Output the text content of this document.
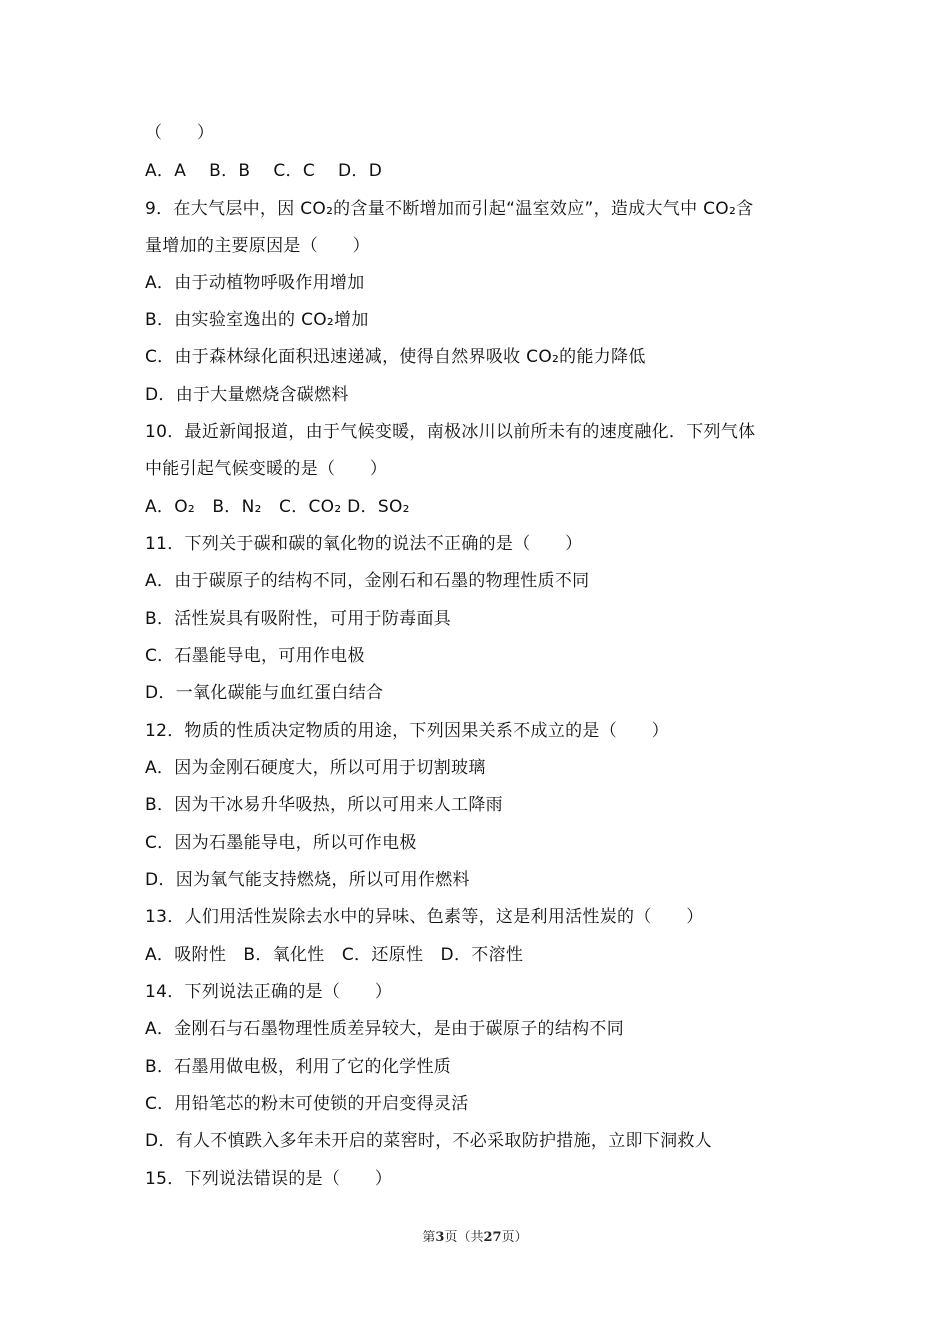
（　　）
A．A　 B．B　 C．C　 D．D
9．在大气层中，因 CO₂的含量不断增加而引起“温室效应”，造成大气中 CO₂含
量增加的主要原因是（　　）
A．由于动植物呼吸作用增加
B．由实验室逸出的 CO₂增加
C．由于森林绿化面积迅速递减，使得自然界吸收 CO₂的能力降低
D．由于大量燃烧含碳燃料
10．最近新闻报道，由于气候变暖，南极冰川以前所未有的速度融化．下列气体
中能引起气候变暖的是（　　）
A．O₂　B．N₂　C．CO₂ D．SO₂
11．下列关于碳和碳的氧化物的说法不正确的是（　　）
A．由于碳原子的结构不同，金刚石和石墨的物理性质不同
B．活性炭具有吸附性，可用于防毒面具
C．石墨能导电，可用作电极
D．一氧化碳能与血红蛋白结合
12．物质的性质决定物质的用途，下列因果关系不成立的是（　　）
A．因为金刚石硬度大，所以可用于切割玻璃
B．因为干冰易升华吸热，所以可用来人工降雨
C．因为石墨能导电，所以可作电极
D．因为氧气能支持燃烧，所以可用作燃料
13．人们用活性炭除去水中的异味、色素等，这是利用活性炭的（　　）
A．吸附性　B．氧化性　C．还原性　D．不溶性
14．下列说法正确的是（　　）
A．金刚石与石墨物理性质差异较大，是由于碳原子的结构不同
B．石墨用做电极，利用了它的化学性质
C．用铅笔芯的粉末可使锁的开启变得灵活
D．有人不慎跌入多年未开启的菜窖时，不必采取防护措施，立即下洞救人
15．下列说法错误的是（　　）
第3页（共27页）
